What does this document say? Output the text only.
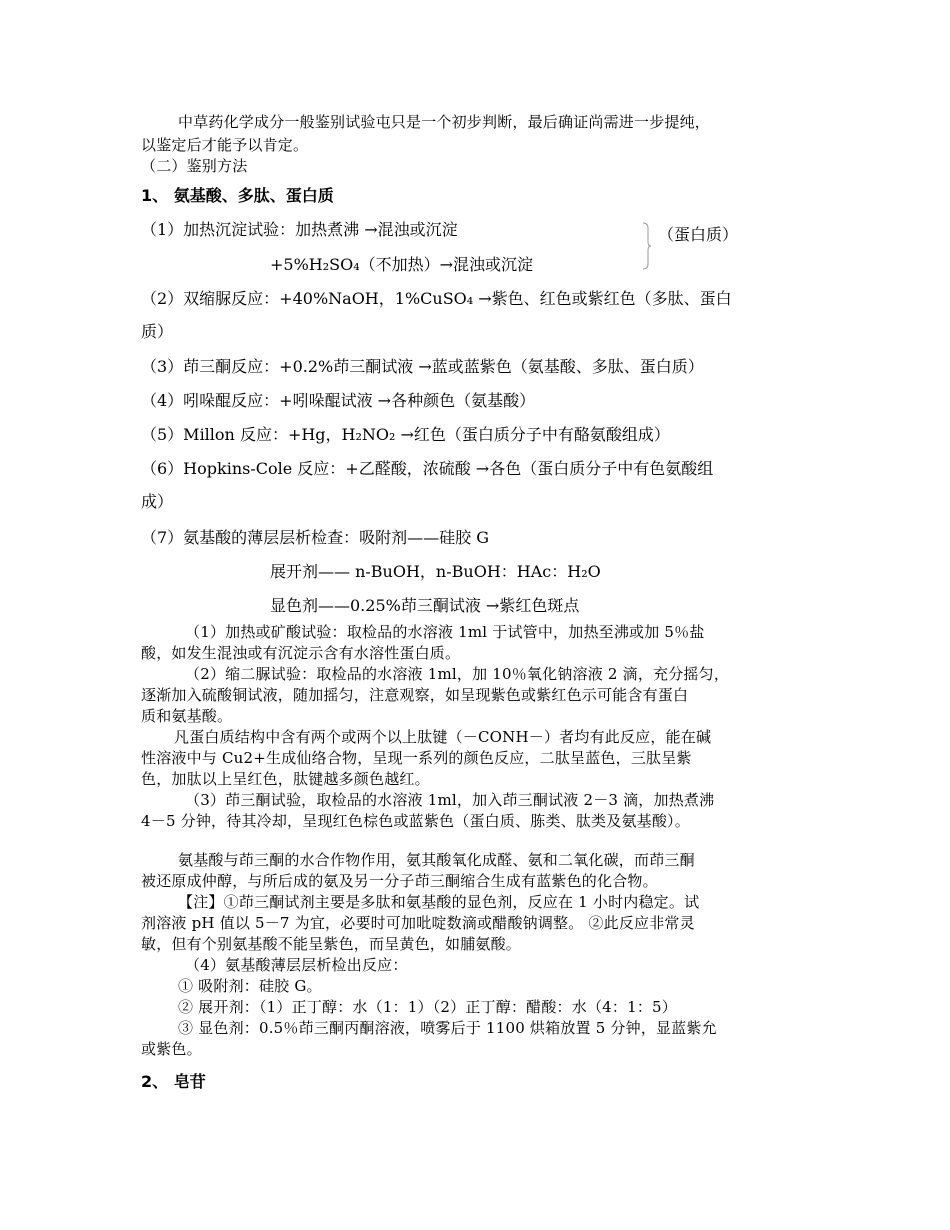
中草药化学成分一般鉴别试验屯只是一个初步判断，最后确证尚需进一步提纯，
以鉴定后才能予以肯定。
（二）鉴别方法
1、 氨基酸、多肽、蛋白质
（1）加热沉淀试验：加热煮沸 →混浊或沉淀
+5%H₂SO₄（不加热）→混浊或沉淀
（蛋白质）
（2）双缩脲反应：+40%NaOH，1%CuSO₄ →紫色、红色或紫红色（多肽、蛋白
质）
（3）茚三酮反应：+0.2%茚三酮试液 →蓝或蓝紫色（氨基酸、多肽、蛋白质）
（4）吲哚醌反应：+吲哚醌试液 →各种颜色（氨基酸）
（5）Millon 反应：+Hg，H₂NO₂ →红色（蛋白质分子中有酪氨酸组成）
（6）Hopkins-Cole 反应：+乙醛酸，浓硫酸 →各色（蛋白质分子中有色氨酸组
成）
（7）氨基酸的薄层层析检查：吸附剂——硅胶 G
展开剂—— n-BuOH，n-BuOH：HAc：H₂O
显色剂——0.25%茚三酮试液 →紫红色斑点
（1）加热或矿酸试验：取检品的水溶液 1ml 于试管中，加热至沸或加 5％盐
酸，如发生混浊或有沉淀示含有水溶性蛋白质。
（2）缩二脲试验：取检品的水溶液 1ml，加 10％氧化钠溶液 2 滴，充分摇匀，
逐渐加入硫酸铜试液，随加摇匀，注意观察，如呈现紫色或紫红色示可能含有蛋白
质和氨基酸。
凡蛋白质结构中含有两个或两个以上肽键（－CONH－）者均有此反应，能在碱
性溶液中与 Cu2+生成仙络合物，呈现一系列的颜色反应，二肽呈蓝色，三肽呈紫
色，加肽以上呈红色，肽键越多颜色越红。
（3）茚三酮试验，取检品的水溶液 1ml，加入茚三酮试液 2－3 滴，加热煮沸
4－5 分钟，待其冷却，呈现红色棕色或蓝紫色（蛋白质、胨类、肽类及氨基酸）。
氨基酸与茚三酮的水合作物作用，氨其酸氧化成醛、氨和二氧化碳，而茚三酮
被还原成仲醇，与所后成的氨及另一分子茚三酮缩合生成有蓝紫色的化合物。
【注】①茚三酮试剂主要是多肽和氨基酸的显色剂，反应在 1 小时内稳定。试
剂溶液 pH 值以 5－7 为宜，必要时可加吡啶数滴或醋酸钠调整。 ②此反应非常灵
敏，但有个别氨基酸不能呈紫色，而呈黄色，如脯氨酸。
（4）氨基酸薄层层析检出反应：
① 吸附剂：硅胶 G。
② 展开剂：（1）正丁醇：水（1：1）（2）正丁醇：醋酸：水（4：1：5）
③ 显色剂：0.5％茚三酮丙酮溶液，喷雾后于 1100 烘箱放置 5 分钟，显蓝紫允
或紫色。
2、 皂苷
